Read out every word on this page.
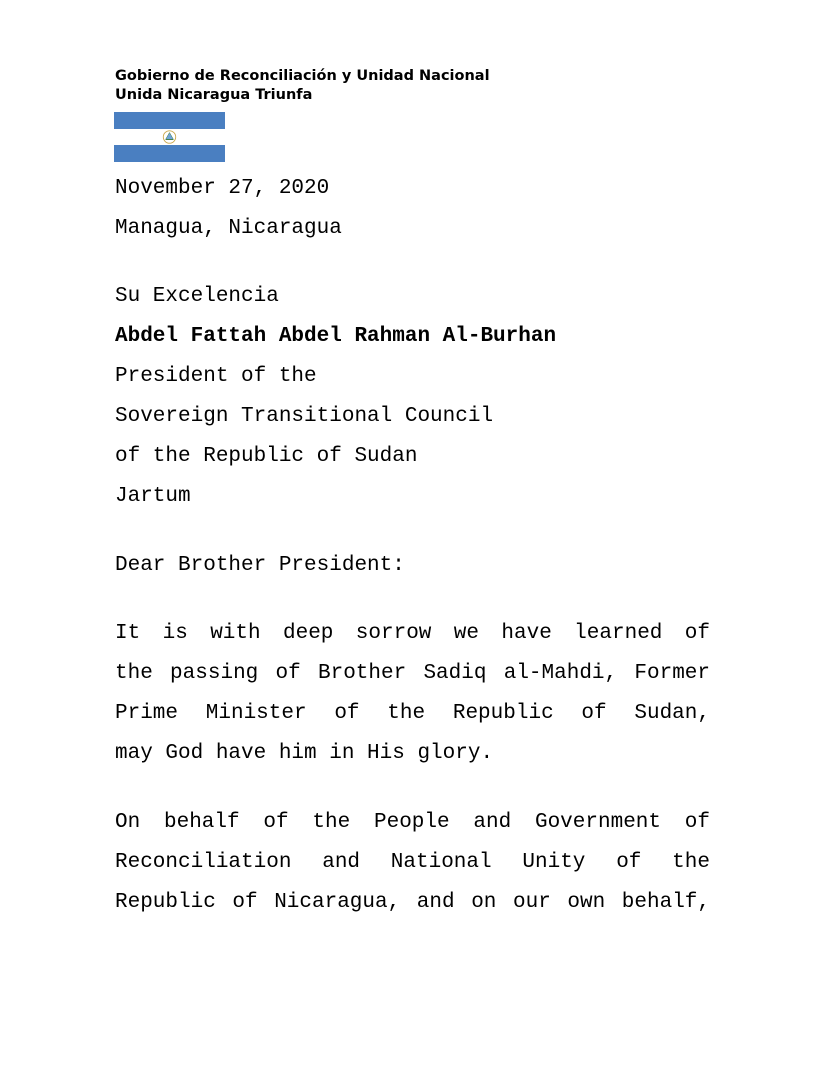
Gobierno de Reconciliación y Unidad Nacional
Unida Nicaragua Triunfa
November 27, 2020
Managua, Nicaragua
Su Excelencia
Abdel Fattah Abdel Rahman Al-Burhan
President of the
Sovereign Transitional Council
of the Republic of Sudan
Jartum
Dear Brother President:
It is with deep sorrow we have learned of
the passing of Brother Sadiq al-Mahdi, Former
Prime Minister of the Republic of Sudan,
may God have him in His glory.
On behalf of the People and Government of
Reconciliation and National Unity of the
Republic of Nicaragua, and on our own behalf,
